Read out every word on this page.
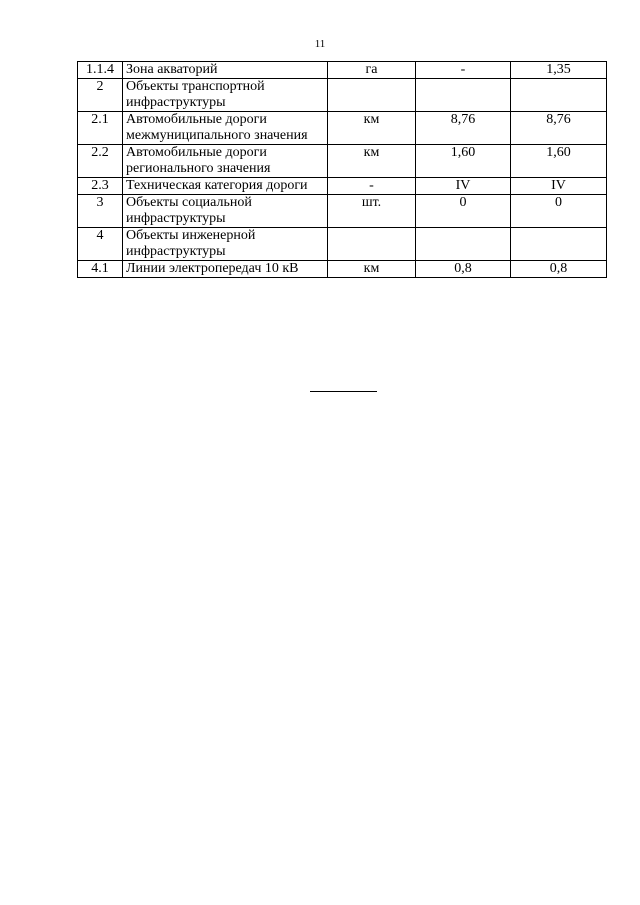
11
1.1.4	Зона акваторий	га	-	1,35
2	Объекты транспортной инфраструктуры			
2.1	Автомобильные дороги межмуниципального значения	км	8,76	8,76
2.2	Автомобильные дороги регионального значения	км	1,60	1,60
2.3	Техническая категория дороги	-	IV	IV
3	Объекты социальной инфраструктуры	шт.	0	0
4	Объекты инженерной инфраструктуры			
4.1	Линии электропередач 10 кВ	км	0,8	0,8
